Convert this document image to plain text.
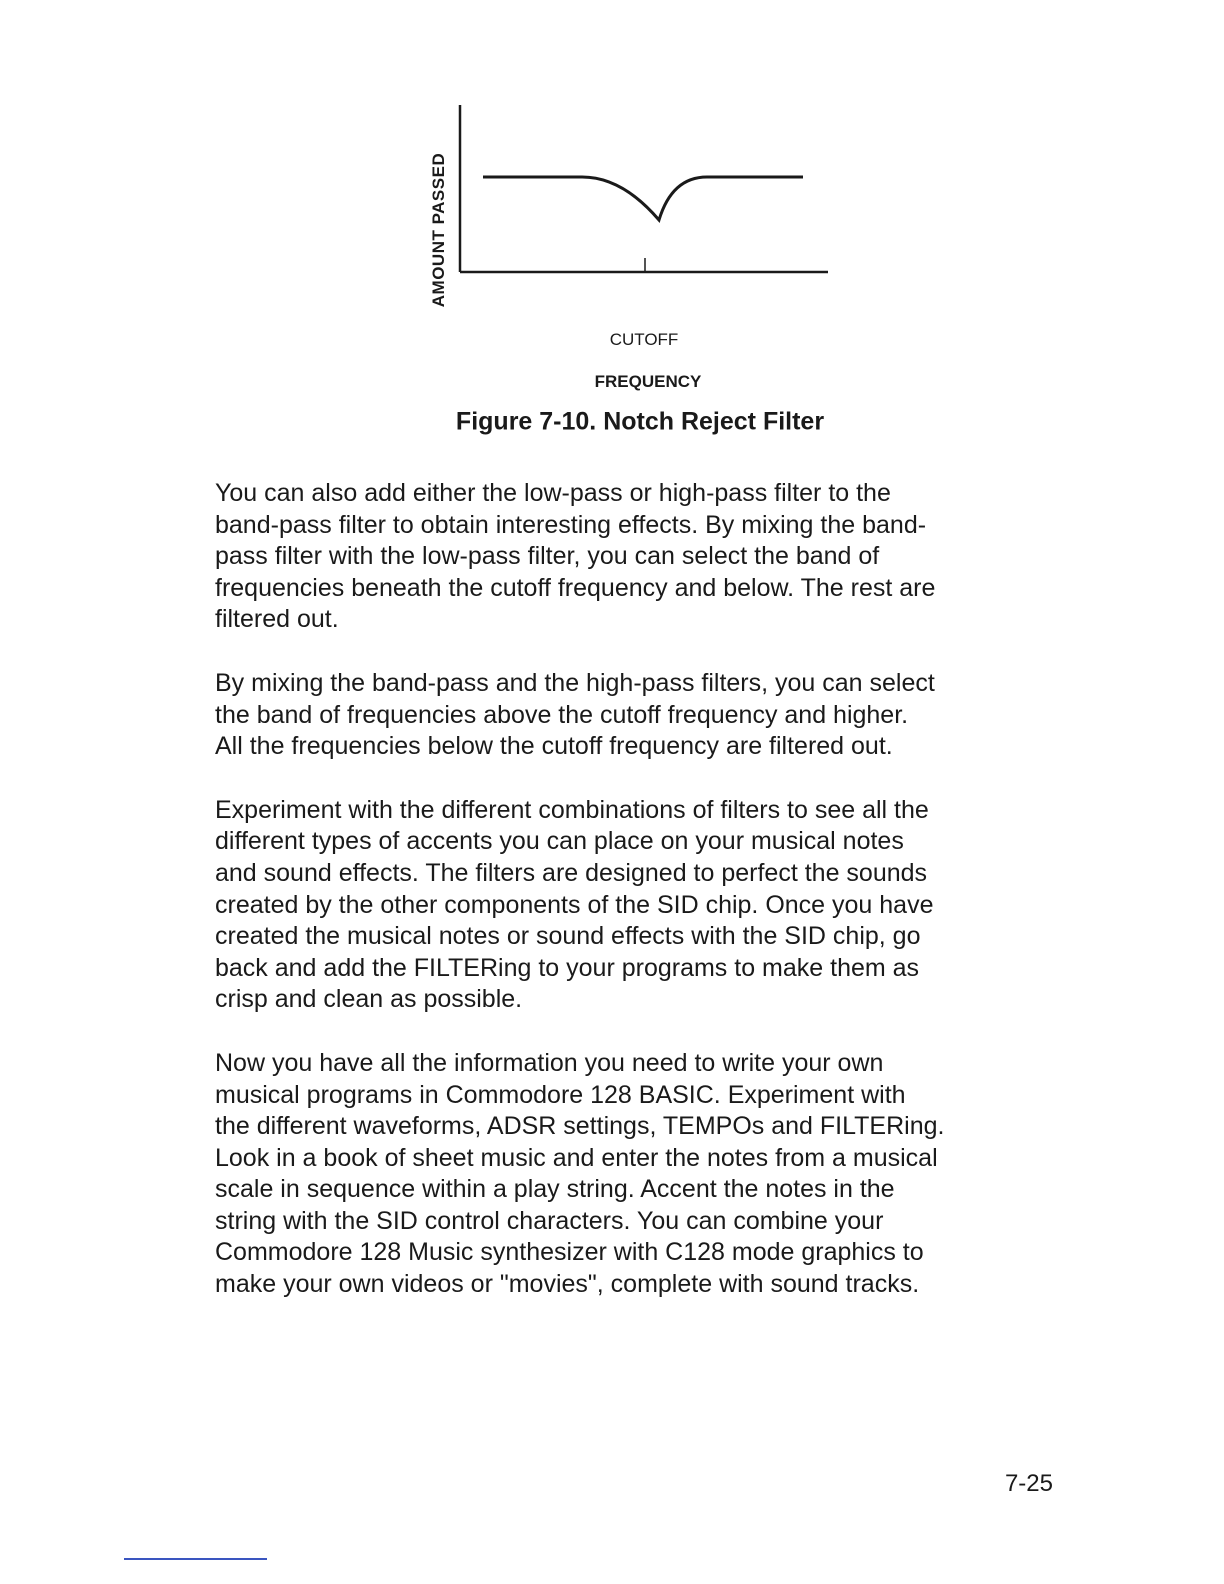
AMOUNT PASSED
CUTOFF
FREQUENCY
Figure 7-10. Notch Reject Filter

You can also add either the low-pass or high-pass filter to the
band-pass filter to obtain interesting effects. By mixing the band-
pass filter with the low-pass filter, you can select the band of
frequencies beneath the cutoff frequency and below. The rest are
filtered out.

By mixing the band-pass and the high-pass filters, you can select
the band of frequencies above the cutoff frequency and higher.
All the frequencies below the cutoff frequency are filtered out.

Experiment with the different combinations of filters to see all the
different types of accents you can place on your musical notes
and sound effects. The filters are designed to perfect the sounds
created by the other components of the SID chip. Once you have
created the musical notes or sound effects with the SID chip, go
back and add the FILTERing to your programs to make them as
crisp and clean as possible.

Now you have all the information you need to write your own
musical programs in Commodore 128 BASIC. Experiment with
the different waveforms, ADSR settings, TEMPOs and FILTERing.
Look in a book of sheet music and enter the notes from a musical
scale in sequence within a play string. Accent the notes in the
string with the SID control characters. You can combine your
Commodore 128 Music synthesizer with C128 mode graphics to
make your own videos or "movies", complete with sound tracks.

7-25
